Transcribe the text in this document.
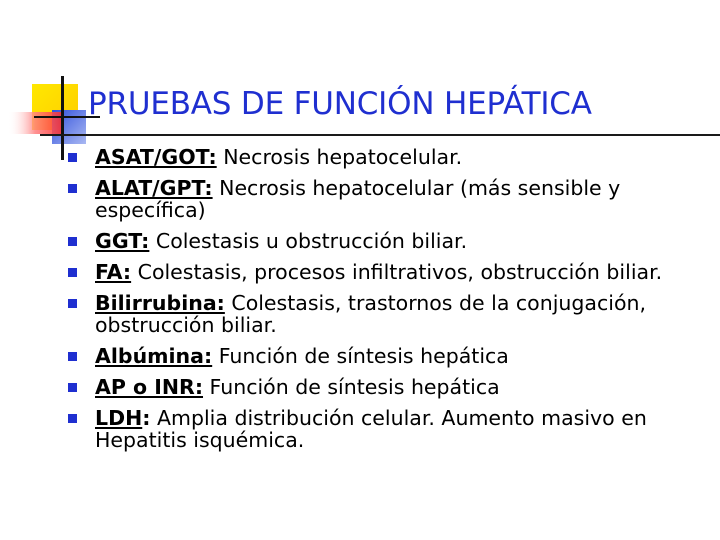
PRUEBAS DE FUNCIÓN HEPÁTICA
ASAT/GOT: Necrosis hepatocelular.
ALAT/GPT: Necrosis hepatocelular (más sensible y específica)
GGT: Colestasis u obstrucción biliar.
FA: Colestasis, procesos infiltrativos, obstrucción biliar.
Bilirrubina: Colestasis, trastornos de la conjugación, obstrucción biliar.
Albúmina: Función de síntesis hepática
AP o INR: Función de síntesis hepática
LDH: Amplia distribución celular. Aumento masivo en Hepatitis isquémica.
